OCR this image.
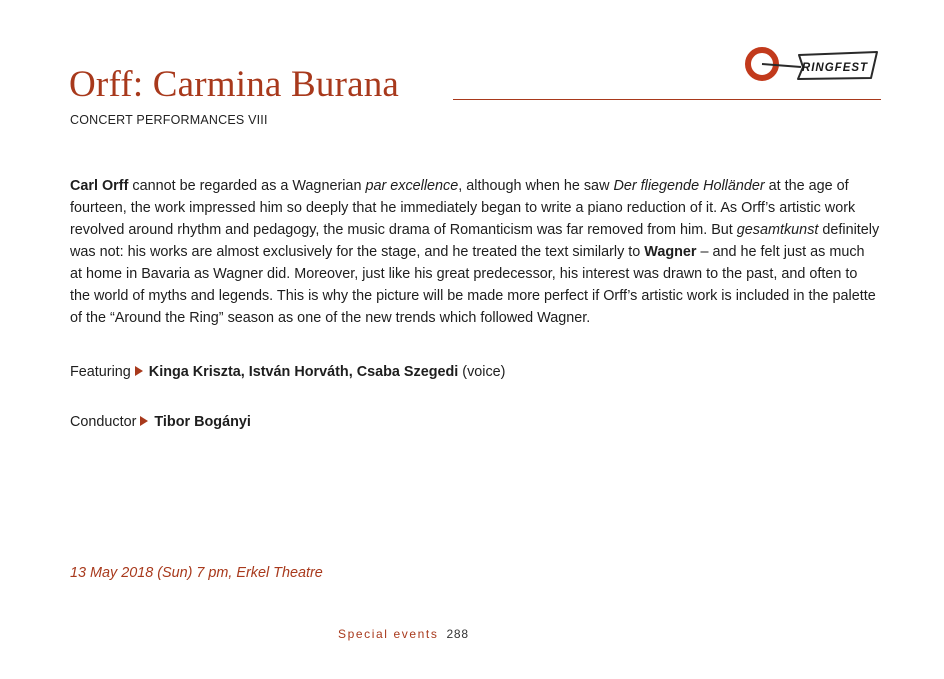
RINGFEST
Orff: Carmina Burana
CONCERT PERFORMANCES VIII

Carl Orff cannot be regarded as a Wagnerian par excellence, although when he saw Der fliegende Holländer at the age of fourteen, the work impressed him so deeply that he immediately began to write a piano reduction of it. As Orff’s artistic work revolved around rhythm and pedagogy, the music drama of Romanticism was far removed from him. But gesamtkunst definitely was not: his works are almost exclusively for the stage, and he treated the text similarly to Wagner – and he felt just as much at home in Bavaria as Wagner did. Moreover, just like his great predecessor, his interest was drawn to the past, and often to the world of myths and legends. This is why the picture will be made more perfect if Orff’s artistic work is included in the palette of the “Around the Ring” season as one of the new trends which followed Wagner.

Featuring Kinga Kriszta, István Horváth, Csaba Szegedi (voice)
Conductor Tibor Bogányi
13 May 2018 (Sun) 7 pm, Erkel Theatre
Special events 288
